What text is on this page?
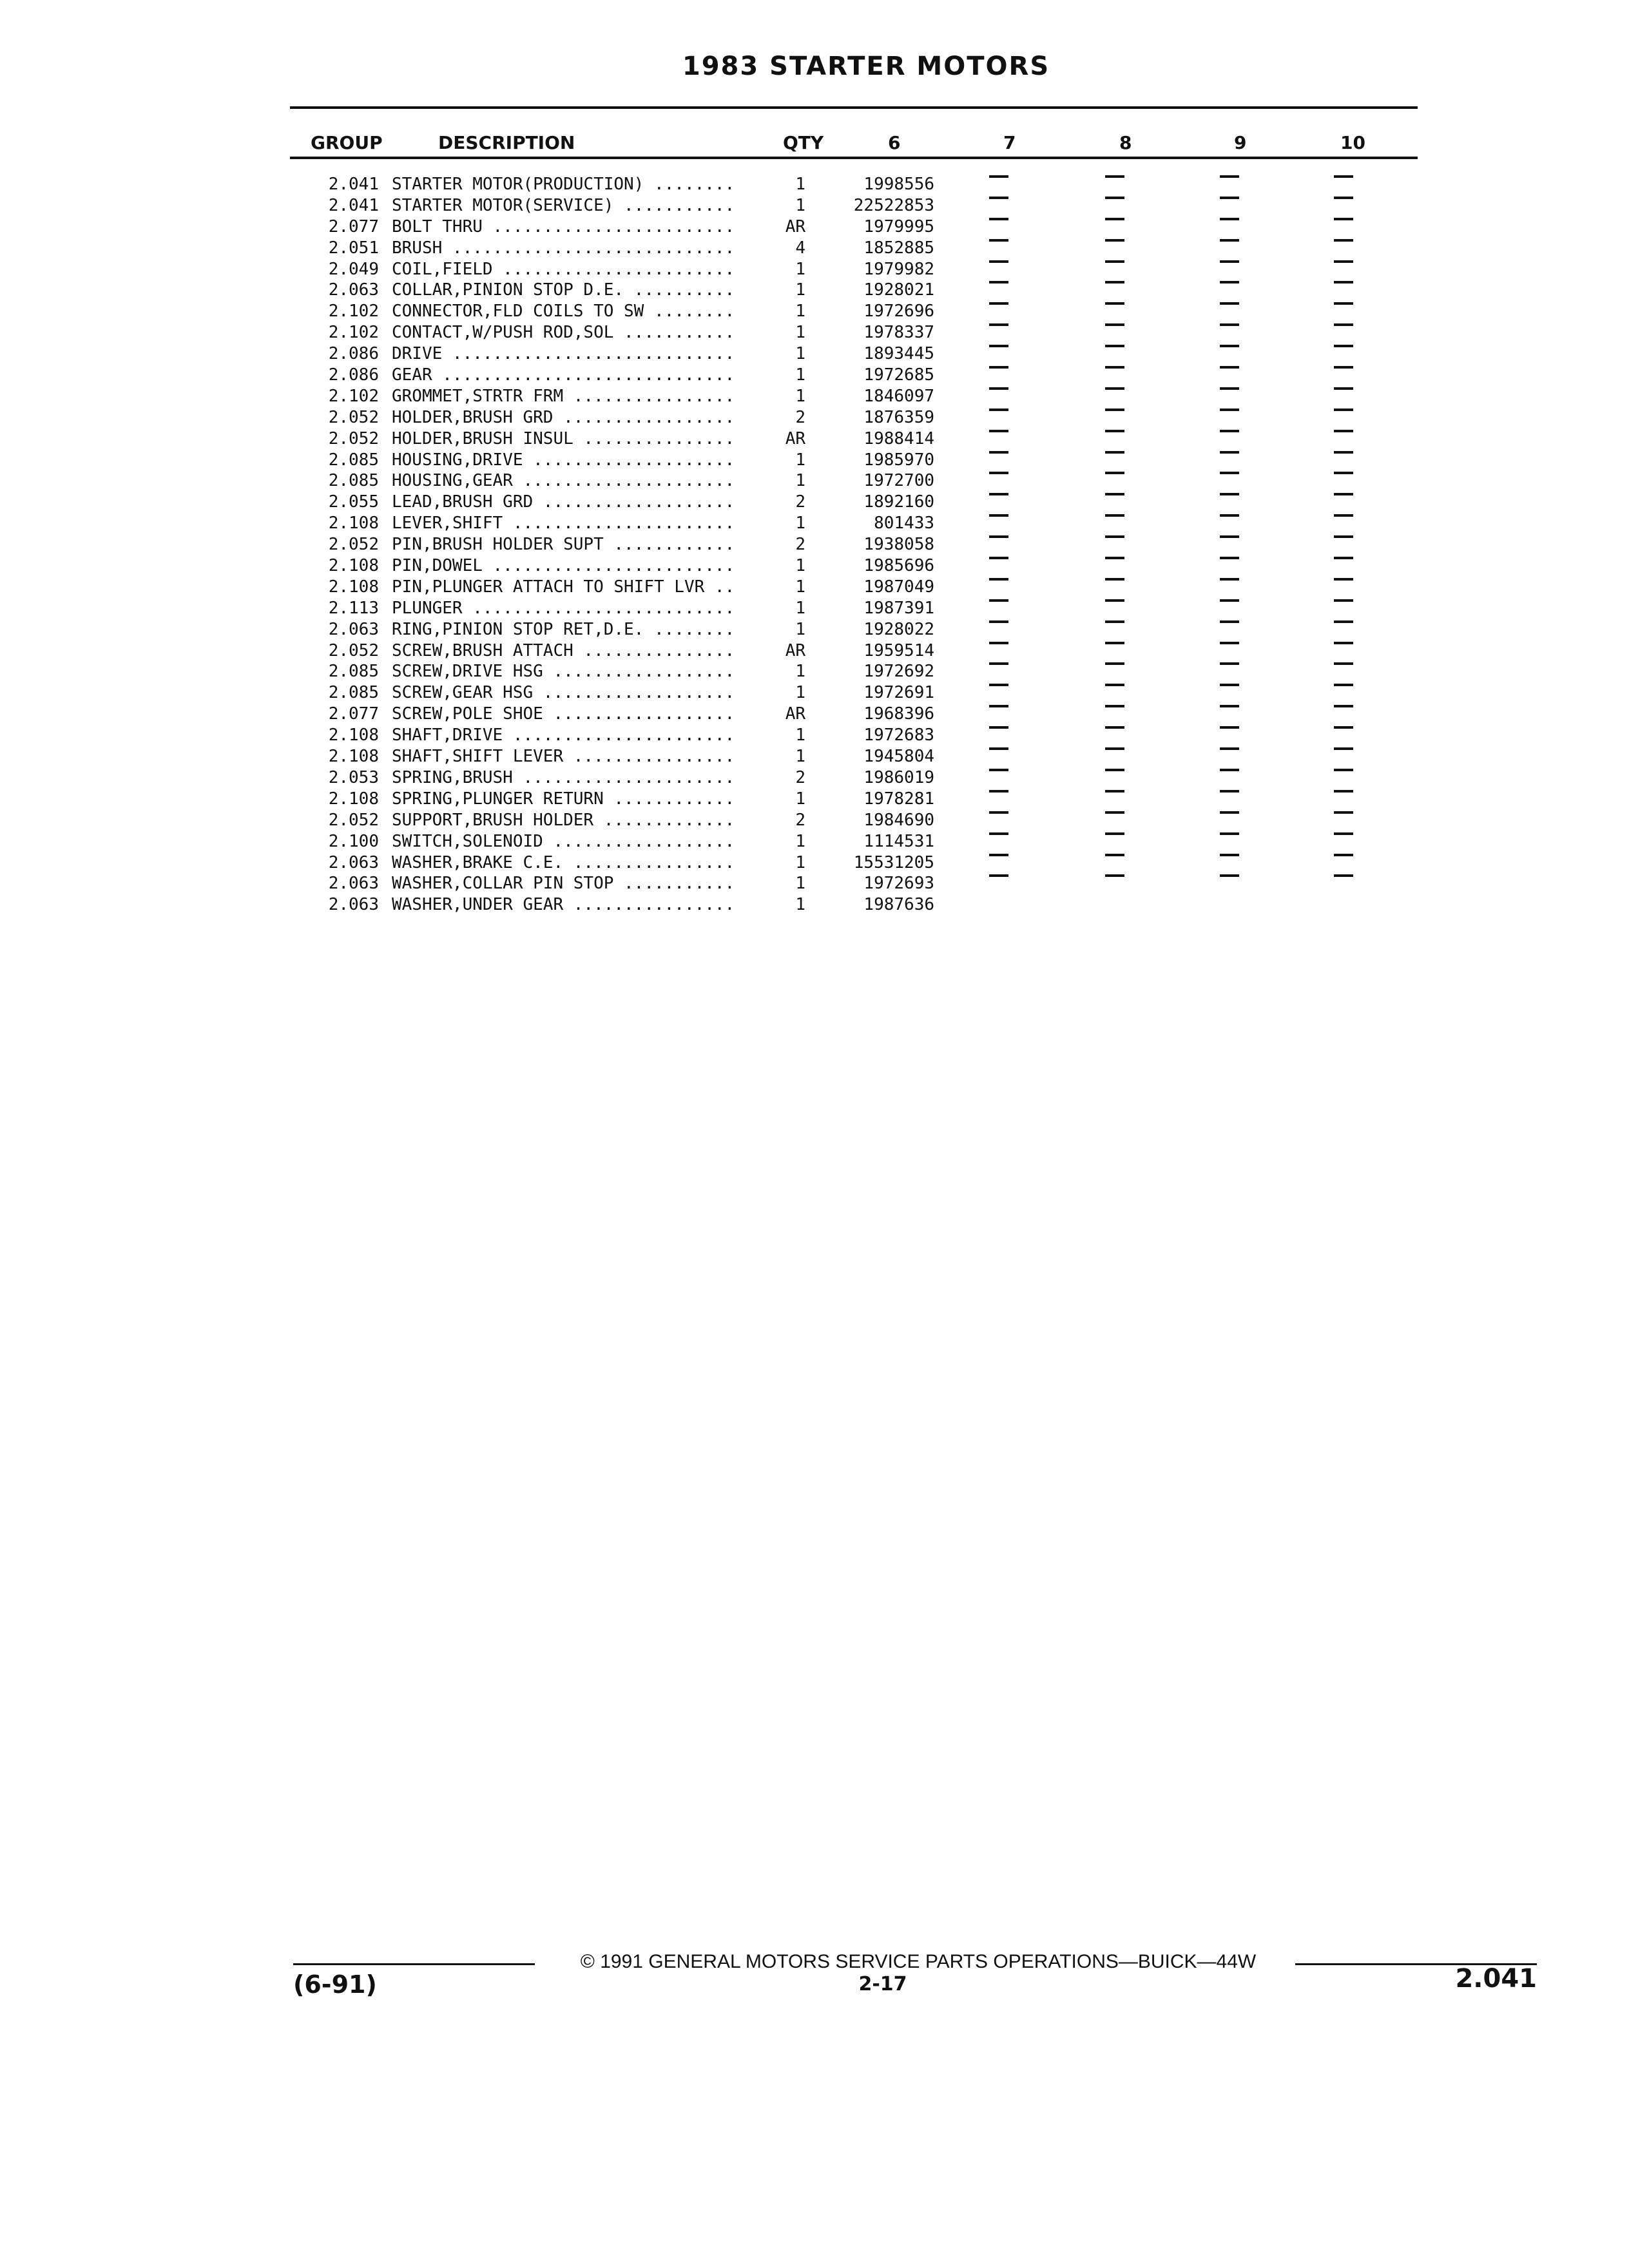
1983 STARTER MOTORS
GROUP	DESCRIPTION	QTY	6	7	8	9	10
2.041 STARTER MOTOR(PRODUCTION) ........	1	1998556
2.041 STARTER MOTOR(SERVICE) ...........	1	22522853
2.077 BOLT THRU ........................	AR	1979995
2.051 BRUSH ............................	4	1852885
2.049 COIL,FIELD .......................	1	1979982
2.063 COLLAR,PINION STOP D.E. ..........	1	1928021
2.102 CONNECTOR,FLD COILS TO SW ........	1	1972696
2.102 CONTACT,W/PUSH ROD,SOL ...........	1	1978337
2.086 DRIVE ............................	1	1893445
2.086 GEAR .............................	1	1972685
2.102 GROMMET,STRTR FRM ................	1	1846097
2.052 HOLDER,BRUSH GRD .................	2	1876359
2.052 HOLDER,BRUSH INSUL ...............	AR	1988414
2.085 HOUSING,DRIVE ....................	1	1985970
2.085 HOUSING,GEAR .....................	1	1972700
2.055 LEAD,BRUSH GRD ...................	2	1892160
2.108 LEVER,SHIFT ......................	1	801433
2.052 PIN,BRUSH HOLDER SUPT ............	2	1938058
2.108 PIN,DOWEL ........................	1	1985696
2.108 PIN,PLUNGER ATTACH TO SHIFT LVR ..	1	1987049
2.113 PLUNGER ..........................	1	1987391
2.063 RING,PINION STOP RET,D.E. ........	1	1928022
2.052 SCREW,BRUSH ATTACH ...............	AR	1959514
2.085 SCREW,DRIVE HSG ..................	1	1972692
2.085 SCREW,GEAR HSG ...................	1	1972691
2.077 SCREW,POLE SHOE ..................	AR	1968396
2.108 SHAFT,DRIVE ......................	1	1972683
2.108 SHAFT,SHIFT LEVER ................	1	1945804
2.053 SPRING,BRUSH .....................	2	1986019
2.108 SPRING,PLUNGER RETURN ............	1	1978281
2.052 SUPPORT,BRUSH HOLDER .............	2	1984690
2.100 SWITCH,SOLENOID ..................	1	1114531
2.063 WASHER,BRAKE C.E. ................	1	15531205
2.063 WASHER,COLLAR PIN STOP ...........	1	1972693
2.063 WASHER,UNDER GEAR ................	1	1987636
© 1991 GENERAL MOTORS SERVICE PARTS OPERATIONS—BUICK—44W
(6-91)	2-17	2.041
